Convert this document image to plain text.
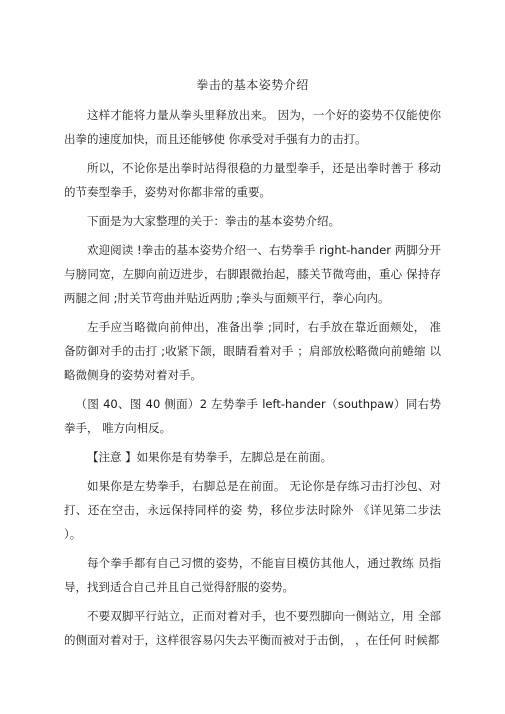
拳击的基本姿势介绍

这样才能将力量从拳头里释放出来。 因为，一个好的姿势不仅能使你出拳的速度加快，而且还能够使 你承受对手强有力的击打。

所以，不论你是出拳时站得很稳的力量型拳手，还是出拳时善于 移动的节奏型拳手，姿势对你都非常的重要。

下面是为大家整理的关于：拳击的基本姿势介绍。

欢迎阅读 !拳击的基本姿势介绍一、右势拳手 right-hander 两脚分开与膀同宽，左脚向前迈进步，右脚跟微抬起，膝关节微弯曲，重心 保持存两腿之间 ;肘关节弯曲并贴近两肋 ;拳头与面颊平行，拳心向内。

左手应当略微向前伸出，准备出拳 ;同时，右手放在靠近面颊处， 准备防御对手的击打 ;收紧下颌，眼睛看着对手 ；肩部放松略微向前蜷缩 以略微侧身的姿势对着对手。

（图 40、图 40 侧面）2 左势拳手 left-hander（southpaw）同右势拳手， 唯方向相反。

【注意 】如果你是有势拳手，左脚总是在前面。

如果你是左势拳手，右脚总是在前面。 无论你是存练习击打沙包、对打、还在空击，永远保持同样的姿 势，移位步法时除外 《详见第二步法 ）。

每个拳手都有自己习惯的姿势，不能盲目模仿其他人，通过教练 员指导，找到适合自己并且自己觉得舒服的姿势。

不要双脚平行站立，正而对着对手，也不要烈脚向一侧站立，用 全部的侧面对着对于，这样很容易闪失去平衡而被对于击倒， ，在任何 时候都
